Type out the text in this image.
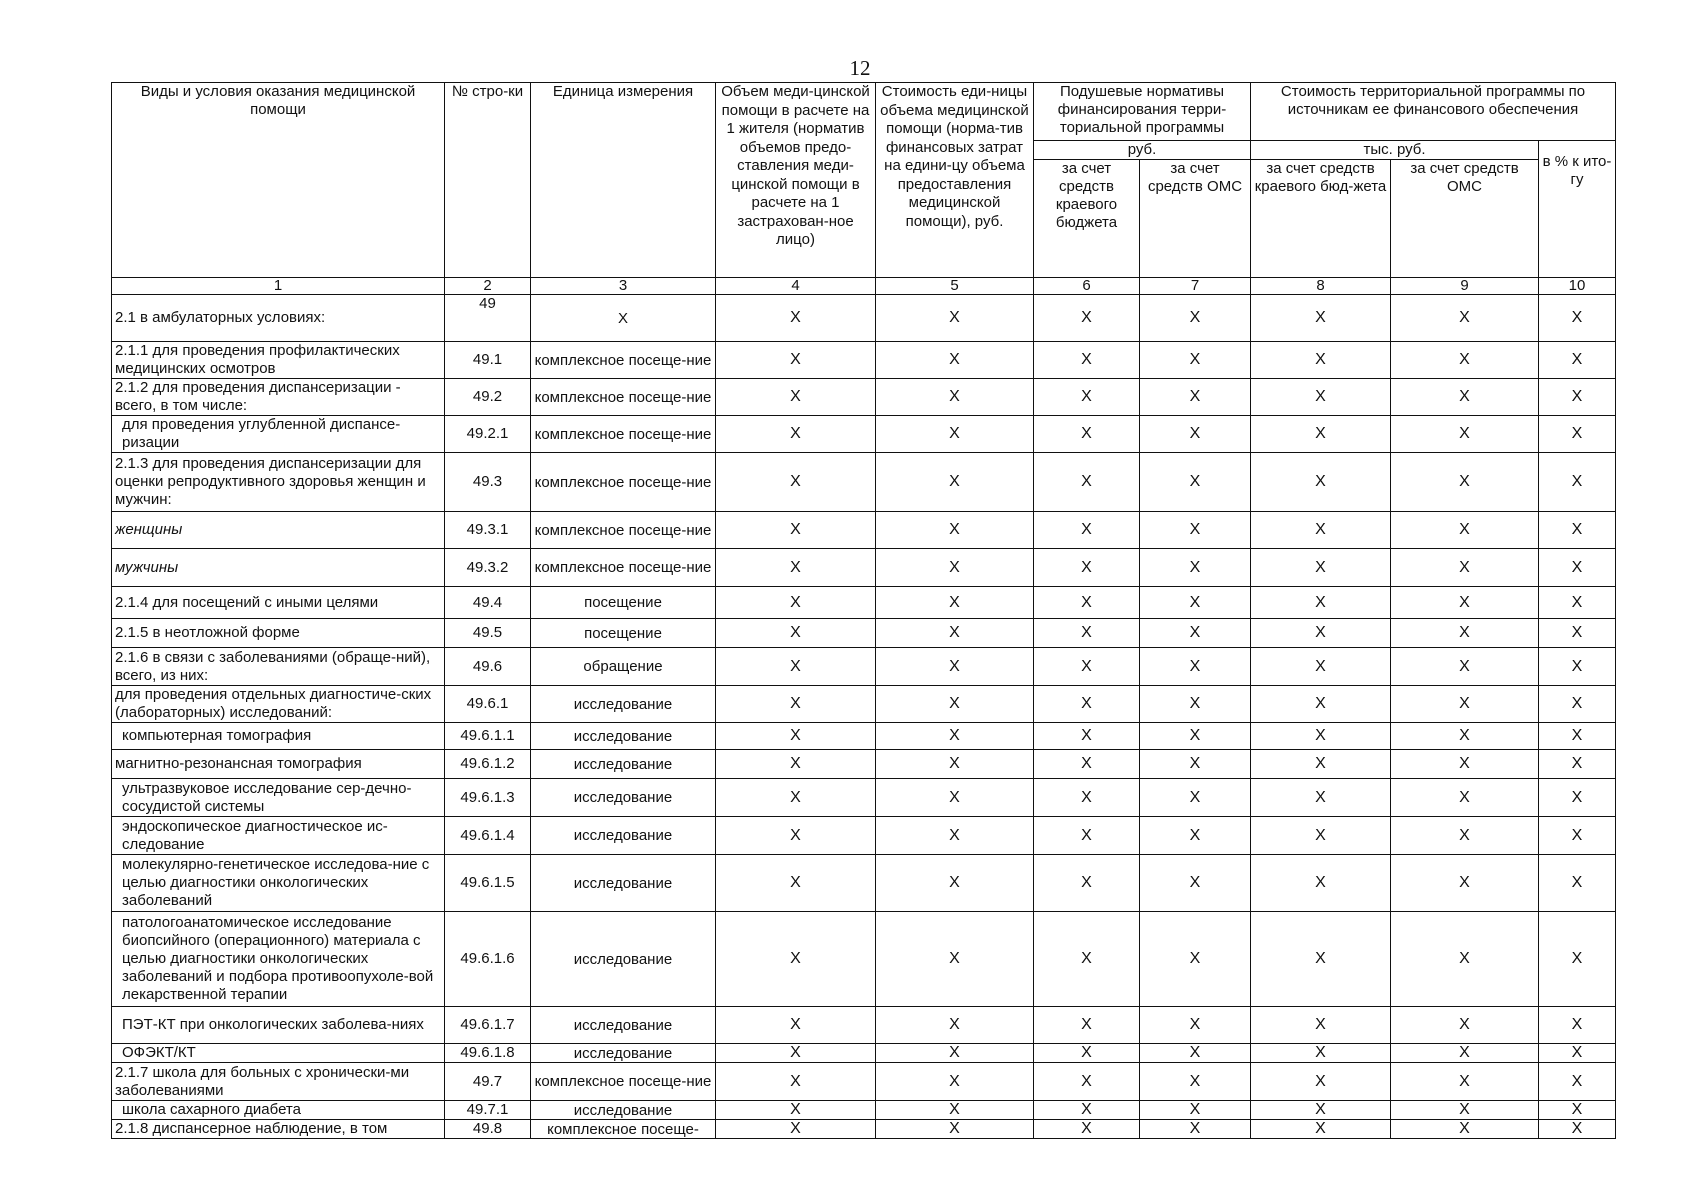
12
Виды и условия оказания медицинской помощи	№ стро-ки	Единица измерения	Объем меди-цинской помощи в расчете на 1 жителя (норматив объемов предо-ставления меди-цинской помощи в расчете на 1 застрахован-ное лицо)	Стоимость еди-ницы объема медицинской помощи (норма-тив финансовых затрат на едини-цу объема предоставления медицинской помощи), руб.	Подушевые нормативы финансирования терри-ториальной программы		Стоимость территориальной программы по источникам ее финансового обеспечения		
					руб.		тыс. руб.		в % к ито-гу
					за счет средств краевого бюджета	за счет средств ОМС	за счет средств краевого бюд-жета	за счет средств ОМС	
1	2	3	4	5	6	7	8	9	10
2.1 в амбулаторных условиях:	49	Х	Х	Х	Х	Х	Х	Х	Х
2.1.1 для проведения профилактических медицинских осмотров	49.1	комплексное посеще-ние	Х	Х	Х	Х	Х	Х	Х
2.1.2 для проведения диспансеризации - всего, в том числе:	49.2	комплексное посеще-ние	Х	Х	Х	Х	Х	Х	Х
для проведения углубленной диспансе-ризации	49.2.1	комплексное посеще-ние	Х	Х	Х	Х	Х	Х	Х
2.1.3 для проведения диспансеризации для оценки репродуктивного здоровья женщин и мужчин:	49.3	комплексное посеще-ние	Х	Х	Х	Х	Х	Х	Х
женщины	49.3.1	комплексное посеще-ние	Х	Х	Х	Х	Х	Х	Х
мужчины	49.3.2	комплексное посеще-ние	Х	Х	Х	Х	Х	Х	Х
2.1.4 для посещений с иными целями	49.4	посещение	Х	Х	Х	Х	Х	Х	Х
2.1.5 в неотложной форме	49.5	посещение	Х	Х	Х	Х	Х	Х	Х
2.1.6 в связи с заболеваниями (обраще-ний), всего, из них:	49.6	обращение	Х	Х	Х	Х	Х	Х	Х
для проведения отдельных диагностиче-ских (лабораторных) исследований:	49.6.1	исследование	Х	Х	Х	Х	Х	Х	Х
компьютерная томография	49.6.1.1	исследование	Х	Х	Х	Х	Х	Х	Х
магнитно-резонансная томография	49.6.1.2	исследование	Х	Х	Х	Х	Х	Х	Х
ультразвуковое исследование сер-дечно-сосудистой системы	49.6.1.3	исследование	Х	Х	Х	Х	Х	Х	Х
эндоскопическое диагностическое ис-следование	49.6.1.4	исследование	Х	Х	Х	Х	Х	Х	Х
молекулярно-генетическое исследова-ние с целью диагностики онкологических заболеваний	49.6.1.5	исследование	Х	Х	Х	Х	Х	Х	Х
патологоанатомическое исследование биопсийного (операционного) материала с целью диагностики онкологических заболеваний и подбора противоопухоле-вой лекарственной терапии	49.6.1.6	исследование	Х	Х	Х	Х	Х	Х	Х
ПЭТ-КТ при онкологических заболева-ниях	49.6.1.7	исследование	Х	Х	Х	Х	Х	Х	Х
ОФЭКТ/КТ	49.6.1.8	исследование	Х	Х	Х	Х	Х	Х	Х
2.1.7 школа для больных с хронически-ми заболеваниями	49.7	комплексное посеще-ние	Х	Х	Х	Х	Х	Х	Х
школа сахарного диабета	49.7.1	исследование	Х	Х	Х	Х	Х	Х	Х
2.1.8 диспансерное наблюдение, в том	49.8	комплексное посеще-	Х	Х	Х	Х	Х	Х	Х
